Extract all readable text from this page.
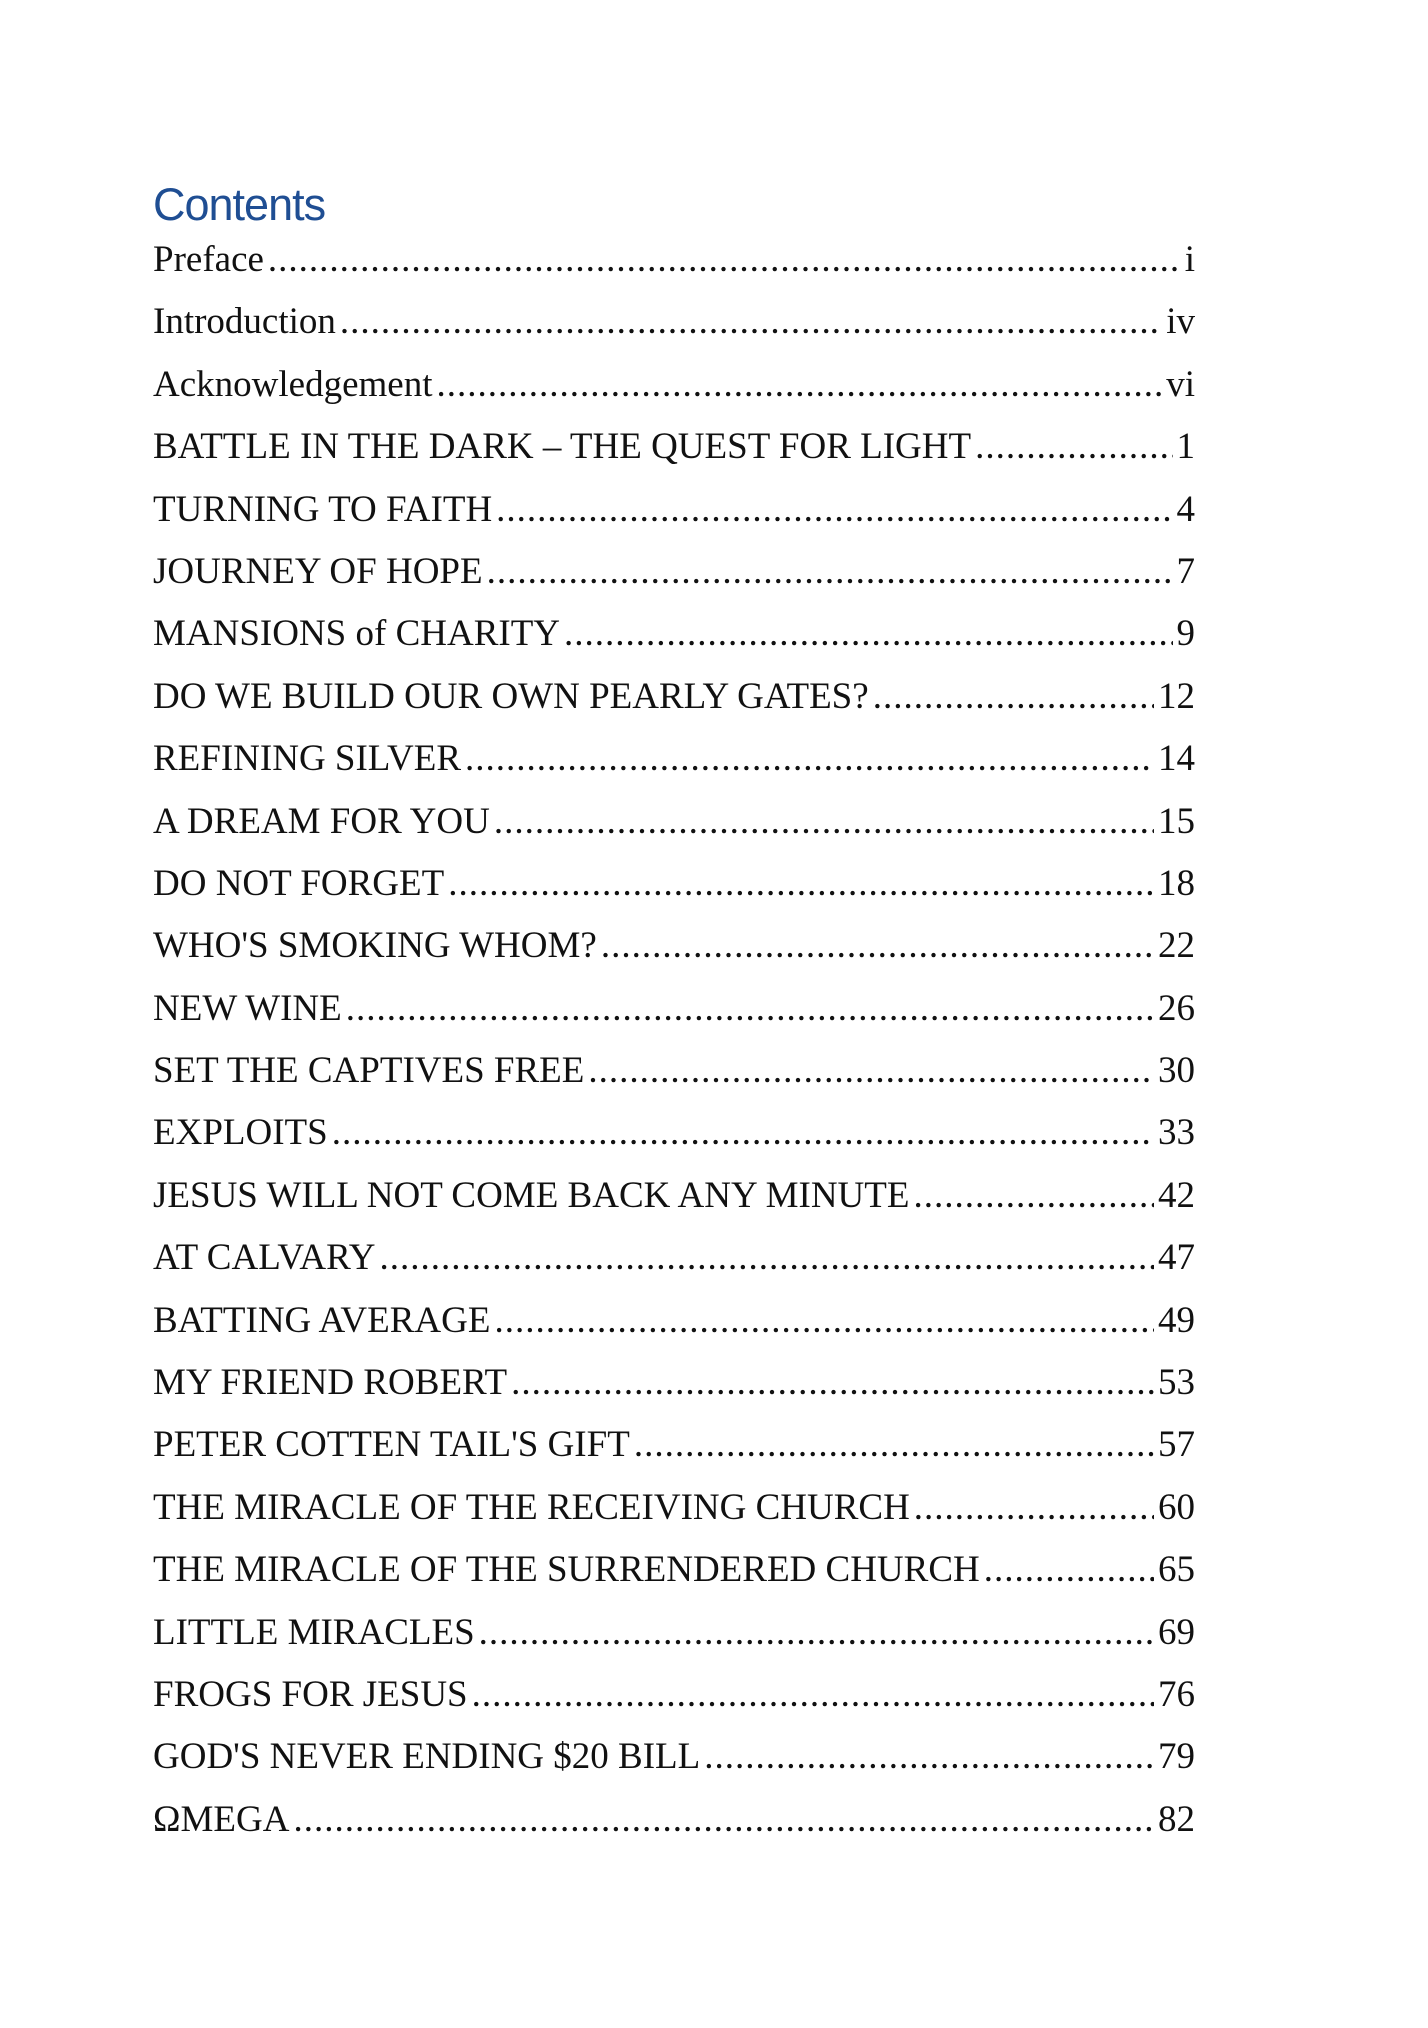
Contents
Preface .....	i
Introduction .....	iv
Acknowledgement .....	vi
BATTLE IN THE DARK – THE QUEST FOR LIGHT .....	1
TURNING TO FAITH .....	4
JOURNEY OF HOPE .....	7
MANSIONS of CHARITY .....	9
DO WE BUILD OUR OWN PEARLY GATES? .....	12
REFINING SILVER .....	14
A DREAM FOR YOU .....	15
DO NOT FORGET .....	18
WHO'S SMOKING WHOM? .....	22
NEW WINE .....	26
SET THE CAPTIVES FREE .....	30
EXPLOITS .....	33
JESUS WILL NOT COME BACK ANY MINUTE .....	42
AT CALVARY .....	47
BATTING AVERAGE .....	49
MY FRIEND ROBERT .....	53
PETER COTTEN TAIL'S GIFT .....	57
THE MIRACLE OF THE RECEIVING CHURCH .....	60
THE MIRACLE OF THE SURRENDERED CHURCH .....	65
LITTLE MIRACLES .....	69
FROGS FOR JESUS .....	76
GOD'S NEVER ENDING $20 BILL .....	79
ΩMEGA .....	82
